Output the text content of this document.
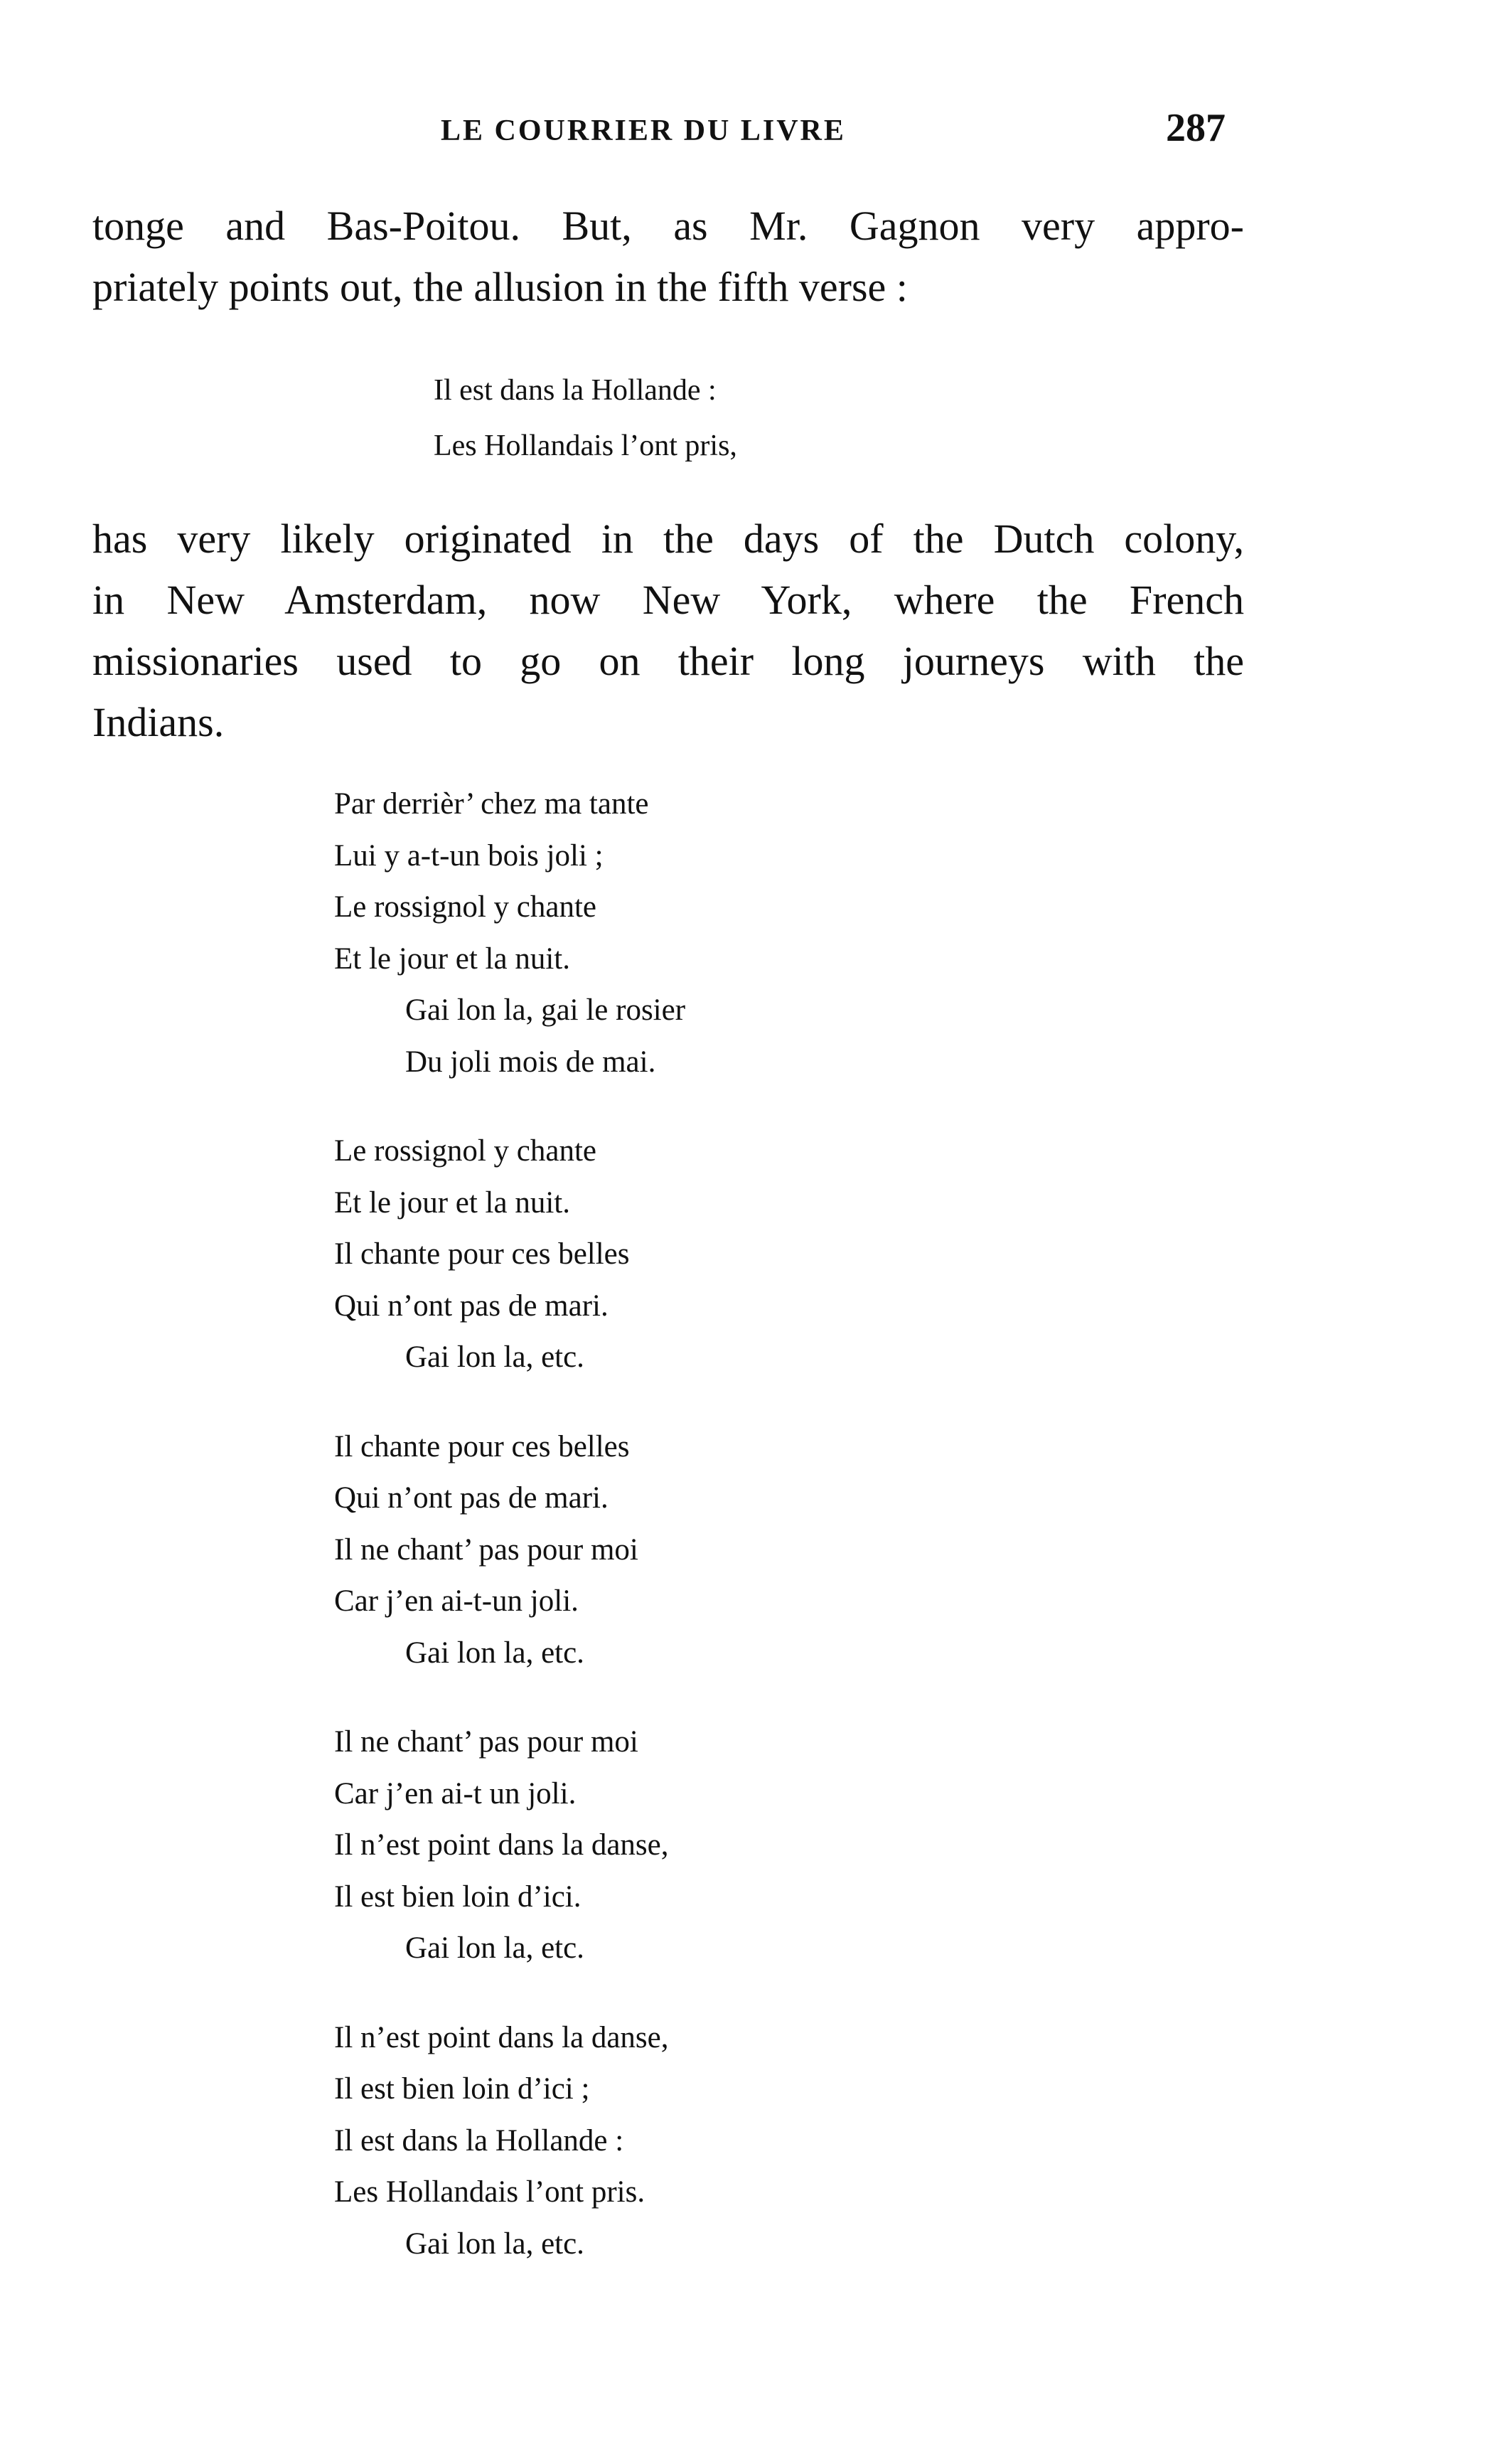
LE COURRIER DU LIVRE	287
tonge and Bas-Poitou. But, as Mr. Gagnon very appro-
priately points out, the allusion in the fifth verse :
Il est dans la Hollande :
Les Hollandais l’ont pris,
has very likely originated in the days of the Dutch colony,
in New Amsterdam, now New York, where the French
missionaries used to go on their long journeys with the
Indians.
Par derrièr’ chez ma tante
Lui y a-t-un bois joli ;
Le rossignol y chante
Et le jour et la nuit.
Gai lon la, gai le rosier
Du joli mois de mai.
Le rossignol y chante
Et le jour et la nuit.
Il chante pour ces belles
Qui n’ont pas de mari.
Gai lon la, etc.
Il chante pour ces belles
Qui n’ont pas de mari.
Il ne chant’ pas pour moi
Car j’en ai-t-un joli.
Gai lon la, etc.
Il ne chant’ pas pour moi
Car j’en ai-t un joli.
Il n’est point dans la danse,
Il est bien loin d’ici.
Gai lon la, etc.
Il n’est point dans la danse,
Il est bien loin d’ici ;
Il est dans la Hollande :
Les Hollandais l’ont pris.
Gai lon la, etc.
